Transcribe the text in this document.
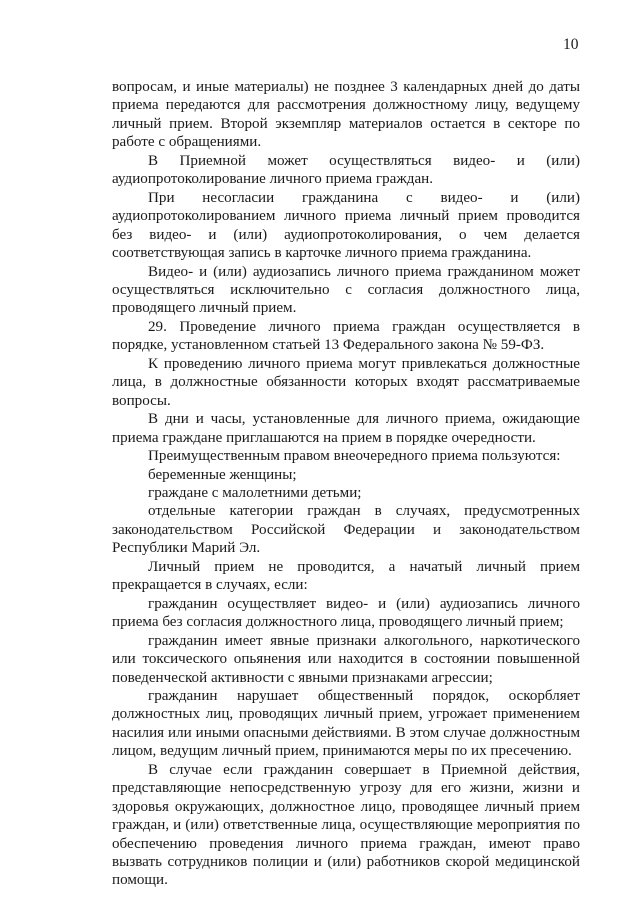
10

вопросам, и иные материалы) не позднее 3 календарных дней до даты приема передаются для рассмотрения должностному лицу, ведущему личный прием. Второй экземпляр материалов остается в секторе по работе с обращениями.

В Приемной может осуществляться видео- и (или) аудиопротоколирование личного приема граждан.

При несогласии гражданина с видео- и (или) аудиопротоколированием личного приема личный прием проводится без видео- и (или) аудиопротоколирования, о чем делается соответствующая запись в карточке личного приема гражданина.

Видео- и (или) аудиозапись личного приема гражданином может осуществляться исключительно с согласия должностного лица, проводящего личный прием.

29. Проведение личного приема граждан осуществляется в порядке, установленном статьей 13 Федерального закона № 59-ФЗ.

К проведению личного приема могут привлекаться должностные лица, в должностные обязанности которых входят рассматриваемые вопросы.

В дни и часы, установленные для личного приема, ожидающие приема граждане приглашаются на прием в порядке очередности.

Преимущественным правом внеочередного приема пользуются:

беременные женщины;

граждане с малолетними детьми;

отдельные категории граждан в случаях, предусмотренных законодательством Российской Федерации и законодательством Республики Марий Эл.

Личный прием не проводится, а начатый личный прием прекращается в случаях, если:

гражданин осуществляет видео- и (или) аудиозапись личного приема без согласия должностного лица, проводящего личный прием;

гражданин имеет явные признаки алкогольного, наркотического или токсического опьянения или находится в состоянии повышенной поведенческой активности с явными признаками агрессии;

гражданин нарушает общественный порядок, оскорбляет должностных лиц, проводящих личный прием, угрожает применением насилия или иными опасными действиями. В этом случае должностным лицом, ведущим личный прием, принимаются меры по их пресечению.

В случае если гражданин совершает в Приемной действия, представляющие непосредственную угрозу для его жизни, жизни и здоровья окружающих, должностное лицо, проводящее личный прием граждан, и (или) ответственные лица, осуществляющие мероприятия по обеспечению проведения личного приема граждан, имеют право вызвать сотрудников полиции и (или) работников скорой медицинской помощи.
